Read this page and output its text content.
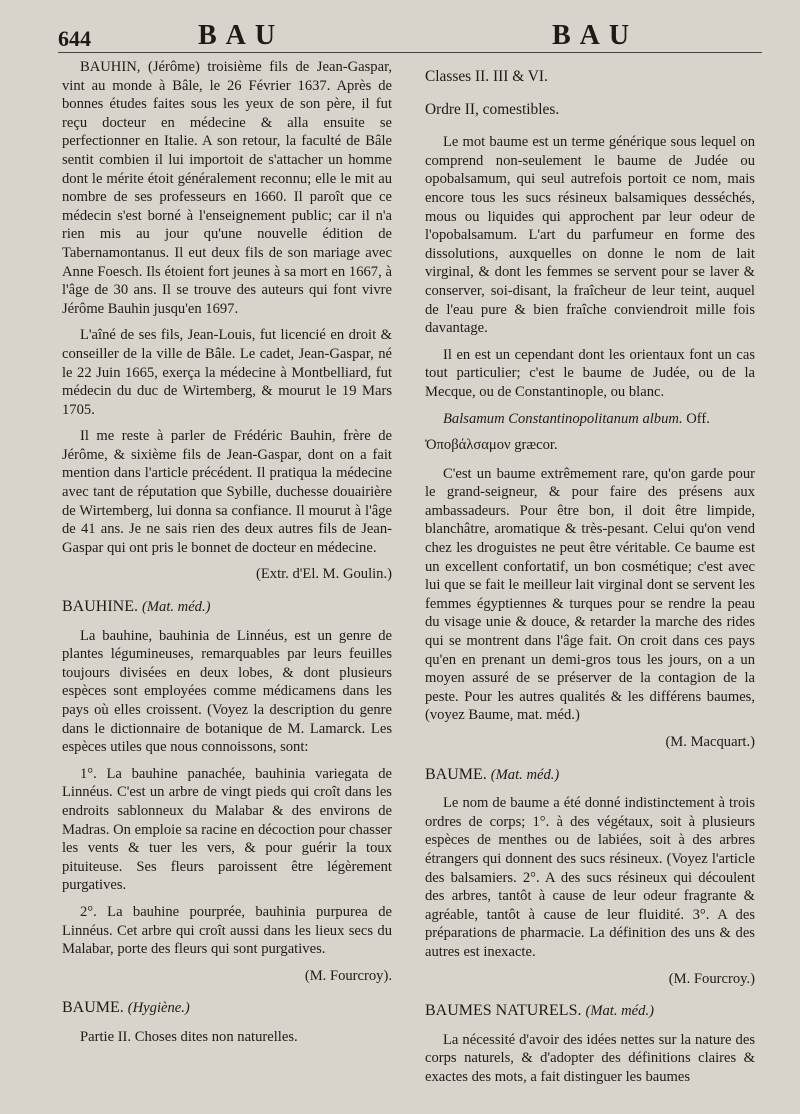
644	BAU	BAU

BAUHIN, (Jérôme) troisième fils de Jean-Gaspar, vint au monde à Bâle, le 26 Février 1637. Après de bonnes études faites sous les yeux de son père, il fut reçu docteur en médecine & alla ensuite se perfectionner en Italie. A son retour, la faculté de Bâle sentit combien il lui importoit de s'attacher un homme dont le mérite étoit généralement reconnu; elle le mit au nombre de ses professeurs en 1660. Il paroît que ce médecin s'est borné à l'enseignement public; car il n'a rien mis au jour qu'une nouvelle édition de Tabernamontanus. Il eut deux fils de son mariage avec Anne Foesch. Ils étoient fort jeunes à sa mort en 1667, à l'âge de 30 ans. Il se trouve des auteurs qui font vivre Jérôme Bauhin jusqu'en 1697.

L'aîné de ses fils, Jean-Louis, fut licencié en droit & conseiller de la ville de Bâle. Le cadet, Jean-Gaspar, né le 22 Juin 1665, exerça la médecine à Montbelliard, fut médecin du duc de Wirtemberg, & mourut le 19 Mars 1705.

Il me reste à parler de Frédéric Bauhin, frère de Jérôme, & sixième fils de Jean-Gaspar, dont on a fait mention dans l'article précédent. Il pratiqua la médecine avec tant de réputation que Sybille, duchesse douairière de Wirtemberg, lui donna sa confiance. Il mourut à l'âge de 41 ans. Je ne sais rien des deux autres fils de Jean-Gaspar qui ont pris le bonnet de docteur en médecine.

(Extr. d'El. M. Goulin.)

BAUHINE. (Mat. méd.)

La bauhine, bauhinia de Linnéus, est un genre de plantes légumineuses, remarquables par leurs feuilles toujours divisées en deux lobes, & dont plusieurs espèces sont employées comme médicamens dans les pays où elles croissent. (Voyez la description du genre dans le dictionnaire de botanique de M. Lamarck. Les espèces utiles que nous connoissons, sont:

1°. La bauhine panachée, bauhinia variegata de Linnéus. C'est un arbre de vingt pieds qui croît dans les endroits sablonneux du Malabar & des environs de Madras. On emploie sa racine en décoction pour chasser les vents & tuer les vers, & pour guérir la toux pituiteuse. Ses fleurs paroissent être légèrement purgatives.

2°. La bauhine pourprée, bauhinia purpurea de Linnéus. Cet arbre qui croît aussi dans les lieux secs du Malabar, porte des fleurs qui sont purgatives.

(M. Fourcroy).

BAUME. (Hygiène.)

Partie II. Choses dites non naturelles.

Classes II. III & VI.

Ordre II, comestibles.

Le mot baume est un terme générique sous lequel on comprend non-seulement le baume de Judée ou opobalsamum, qui seul autrefois portoit ce nom, mais encore tous les sucs résineux balsamiques desséchés, mous ou liquides qui approchent par leur odeur de l'opobalsamum. L'art du parfumeur en forme des dissolutions, auxquelles on donne le nom de lait virginal, & dont les femmes se servent pour se laver & conserver, soi-disant, la fraîcheur de leur teint, auquel de l'eau pure & bien fraîche conviendroit mille fois davantage.

Il en est un cependant dont les orientaux font un cas tout particulier; c'est le baume de Judée, ou de la Mecque, ou de Constantinople, ou blanc.

Balsamum Constantinopolitanum album. Off.

Ὀποβάλσαμον græcor.

C'est un baume extrêmement rare, qu'on garde pour le grand-seigneur, & pour faire des présens aux ambassadeurs. Pour être bon, il doit être limpide, blanchâtre, aromatique & très-pesant. Celui qu'on vend chez les droguistes ne peut être véritable. Ce baume est un excellent confortatif, un bon cosmétique; c'est avec lui que se fait le meilleur lait virginal dont se servent les femmes égyptiennes & turques pour se rendre la peau du visage unie & douce, & retarder la marche des rides qui se montrent dans l'âge fait. On croit dans ces pays qu'en en prenant un demi-gros tous les jours, on a un moyen assuré de se préserver de la contagion de la peste. Pour les autres qualités & les différens baumes, (voyez Baume, mat. méd.)

(M. Macquart.)

BAUME. (Mat. méd.)

Le nom de baume a été donné indistinctement à trois ordres de corps; 1°. à des végétaux, soit à plusieurs espèces de menthes ou de labiées, soit à des arbres étrangers qui donnent des sucs résineux. (Voyez l'article des balsamiers. 2°. A des sucs résineux qui découlent des arbres, tantôt à cause de leur odeur fragrante & agréable, tantôt à cause de leur fluidité. 3°. A des préparations de pharmacie. La définition des uns & des autres est inexacte.

(M. Fourcroy.)

BAUMES NATURELS. (Mat. méd.)

La nécessité d'avoir des idées nettes sur la nature des corps naturels, & d'adopter des définitions claires & exactes des mots, a fait distinguer les baumes
